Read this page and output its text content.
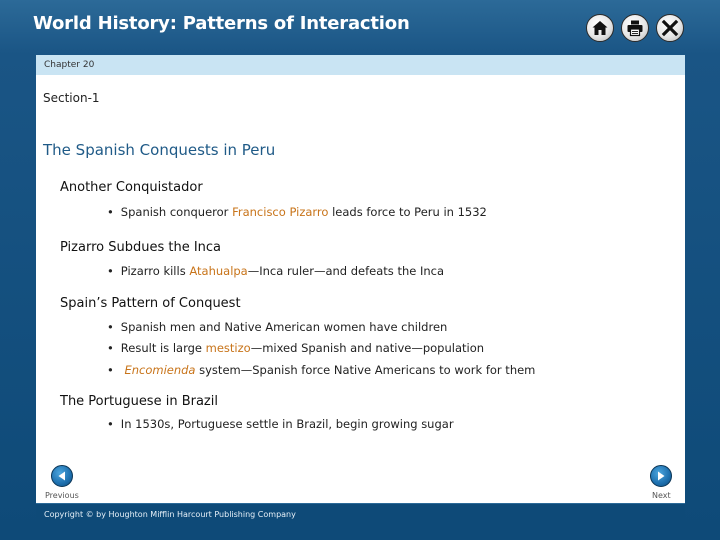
World History: Patterns of Interaction
Chapter 20
Section-1
The Spanish Conquests in Peru
Another Conquistador
• Spanish conqueror Francisco Pizarro leads force to Peru in 1532
Pizarro Subdues the Inca
• Pizarro kills Atahualpa—Inca ruler—and defeats the Inca
Spain’s Pattern of Conquest
• Spanish men and Native American women have children
• Result is large mestizo—mixed Spanish and native—population
• Encomienda system—Spanish force Native Americans to work for them
The Portuguese in Brazil
• In 1530s, Portuguese settle in Brazil, begin growing sugar
Previous	Next
Copyright © by Houghton Mifflin Harcourt Publishing Company
